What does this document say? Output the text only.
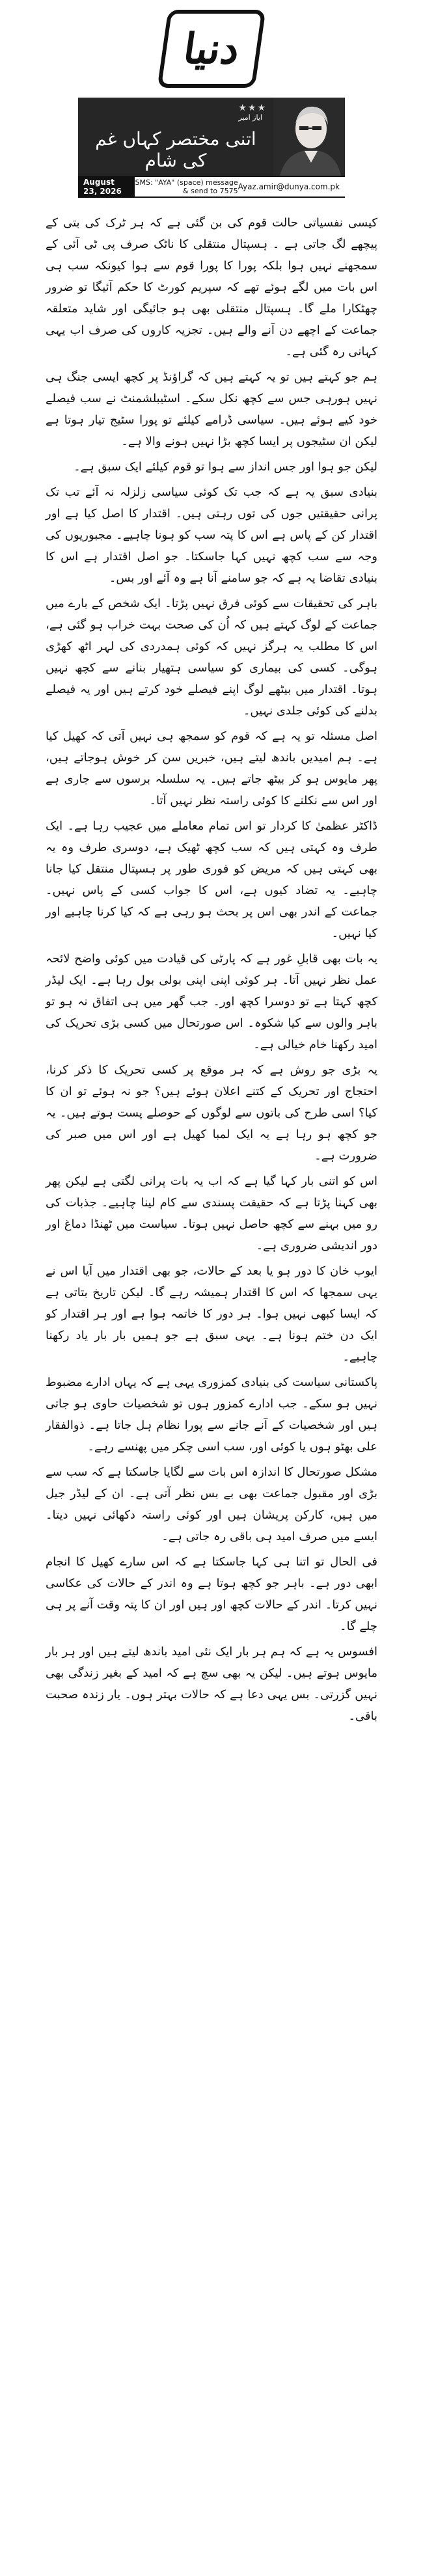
دنیا
★★★
ایاز امیر
اتنی مختصر کہاں غم کی شام
August 23, 2026
SMS: "AYA" (space) message & send to 7575 Ayaz.amir@dunya.com.pk

کیسی نفسیاتی حالت قوم کی بن گئی ہے کہ ہر ٹرک کی بتی کے پیچھے لگ جاتی ہے ۔ ہسپتال منتقلی کا ناٹک صرف پی ٹی آئی کے سمجھنے نہیں ہوا بلکہ پورا کا پورا قوم سے ہوا کیونکہ سب ہی اس بات میں لگے ہوئے تھے کہ سپریم کورٹ کا حکم آئیگا تو ضرور چھٹکارا ملے گا۔ ہسپتال منتقلی بھی ہو جائیگی اور شاید متعلقہ جماعت کے اچھے دن آنے والے ہیں۔ تجزیہ کاروں کی صرف اب یہی کہانی رہ گئی ہے۔

ہم جو کہتے ہیں تو یہ کہتے ہیں کہ گراؤنڈ پر کچھ ایسی جنگ ہی نہیں ہورہی جس سے کچھ نکل سکے۔ اسٹیبلشمنٹ نے سب فیصلے خود کیے ہوئے ہیں۔ سیاسی ڈرامے کیلئے تو پورا سٹیج تیار ہوتا ہے لیکن ان سٹیجوں پر ایسا کچھ بڑا نہیں ہونے والا ہے۔

لیکن جو ہوا اور جس انداز سے ہوا تو قوم کیلئے ایک سبق ہے۔

بنیادی سبق یہ ہے کہ جب تک کوئی سیاسی زلزلہ نہ آئے تب تک پرانی حقیقتیں جوں کی توں رہتی ہیں۔ اقتدار کا اصل کیا ہے اور اقتدار کن کے پاس ہے اس کا پتہ سب کو ہونا چاہیے۔ مجبوریوں کی وجہ سے سب کچھ نہیں کہا جاسکتا۔ جو اصل اقتدار ہے اس کا بنیادی تقاضا یہ ہے کہ جو سامنے آنا ہے وہ آئے اور بس۔

باہر کی تحقیقات سے کوئی فرق نہیں پڑتا۔ ایک شخص کے بارے میں جماعت کے لوگ کہتے ہیں کہ اُن کی صحت بہت خراب ہو گئی ہے، اس کا مطلب یہ ہرگز نہیں کہ کوئی ہمدردی کی لہر اٹھ کھڑی ہوگی۔ کسی کی بیماری کو سیاسی ہتھیار بنانے سے کچھ نہیں ہوتا۔ اقتدار میں بیٹھے لوگ اپنے فیصلے خود کرتے ہیں اور یہ فیصلے بدلنے کی کوئی جلدی نہیں۔

اصل مسئلہ تو یہ ہے کہ قوم کو سمجھ ہی نہیں آتی کہ کھیل کیا ہے۔ ہم امیدیں باندھ لیتے ہیں، خبریں سن کر خوش ہوجاتے ہیں، پھر مایوس ہو کر بیٹھ جاتے ہیں۔ یہ سلسلہ برسوں سے جاری ہے اور اس سے نکلنے کا کوئی راستہ نظر نہیں آتا۔

ڈاکٹر عظمیٰ کا کردار تو اس تمام معاملے میں عجیب رہا ہے۔ ایک طرف وہ کہتی ہیں کہ سب کچھ ٹھیک ہے، دوسری طرف وہ یہ بھی کہتی ہیں کہ مریض کو فوری طور پر ہسپتال منتقل کیا جانا چاہیے۔ یہ تضاد کیوں ہے، اس کا جواب کسی کے پاس نہیں۔ جماعت کے اندر بھی اس پر بحث ہو رہی ہے کہ کیا کرنا چاہیے اور کیا نہیں۔

یہ بات بھی قابلِ غور ہے کہ پارٹی کی قیادت میں کوئی واضح لائحہ عمل نظر نہیں آتا۔ ہر کوئی اپنی اپنی بولی بول رہا ہے۔ ایک لیڈر کچھ کہتا ہے تو دوسرا کچھ اور۔ جب گھر میں ہی اتفاق نہ ہو تو باہر والوں سے کیا شکوہ۔ اس صورتحال میں کسی بڑی تحریک کی امید رکھنا خام خیالی ہے۔

یہ بڑی جو روش ہے کہ ہر موقع پر کسی تحریک کا ذکر کرنا، احتجاج اور تحریک کے کتنے اعلان ہوئے ہیں؟ جو نہ ہوئے تو ان کا کیا؟ اسی طرح کی باتوں سے لوگوں کے حوصلے پست ہوتے ہیں۔ یہ جو کچھ ہو رہا ہے یہ ایک لمبا کھیل ہے اور اس میں صبر کی ضرورت ہے۔

اس کو اتنی بار کہا گیا ہے کہ اب یہ بات پرانی لگتی ہے لیکن پھر بھی کہنا پڑتا ہے کہ حقیقت پسندی سے کام لینا چاہیے۔ جذبات کی رو میں بہنے سے کچھ حاصل نہیں ہوتا۔ سیاست میں ٹھنڈا دماغ اور دور اندیشی ضروری ہے۔

ایوب خان کا دور ہو یا بعد کے حالات، جو بھی اقتدار میں آیا اس نے یہی سمجھا کہ اس کا اقتدار ہمیشہ رہے گا۔ لیکن تاریخ بتاتی ہے کہ ایسا کبھی نہیں ہوا۔ ہر دور کا خاتمہ ہوا ہے اور ہر اقتدار کو ایک دن ختم ہونا ہے۔ یہی سبق ہے جو ہمیں بار بار یاد رکھنا چاہیے۔

پاکستانی سیاست کی بنیادی کمزوری یہی ہے کہ یہاں ادارے مضبوط نہیں ہو سکے۔ جب ادارے کمزور ہوں تو شخصیات حاوی ہو جاتی ہیں اور شخصیات کے آنے جانے سے پورا نظام ہل جاتا ہے۔ ذوالفقار علی بھٹو ہوں یا کوئی اور، سب اسی چکر میں پھنسے رہے۔

مشکل صورتحال کا اندازہ اس بات سے لگایا جاسکتا ہے کہ سب سے بڑی اور مقبول جماعت بھی بے بس نظر آتی ہے۔ ان کے لیڈر جیل میں ہیں، کارکن پریشان ہیں اور کوئی راستہ دکھائی نہیں دیتا۔ ایسے میں صرف امید ہی باقی رہ جاتی ہے۔

فی الحال تو اتنا ہی کہا جاسکتا ہے کہ اس سارے کھیل کا انجام ابھی دور ہے۔ باہر جو کچھ ہوتا ہے وہ اندر کے حالات کی عکاسی نہیں کرتا۔ اندر کے حالات کچھ اور ہیں اور ان کا پتہ وقت آنے پر ہی چلے گا۔

افسوس یہ ہے کہ ہم ہر بار ایک نئی امید باندھ لیتے ہیں اور ہر بار مایوس ہوتے ہیں۔ لیکن یہ بھی سچ ہے کہ امید کے بغیر زندگی بھی نہیں گزرتی۔ بس یہی دعا ہے کہ حالات بہتر ہوں۔ یار زندہ صحبت باقی۔
